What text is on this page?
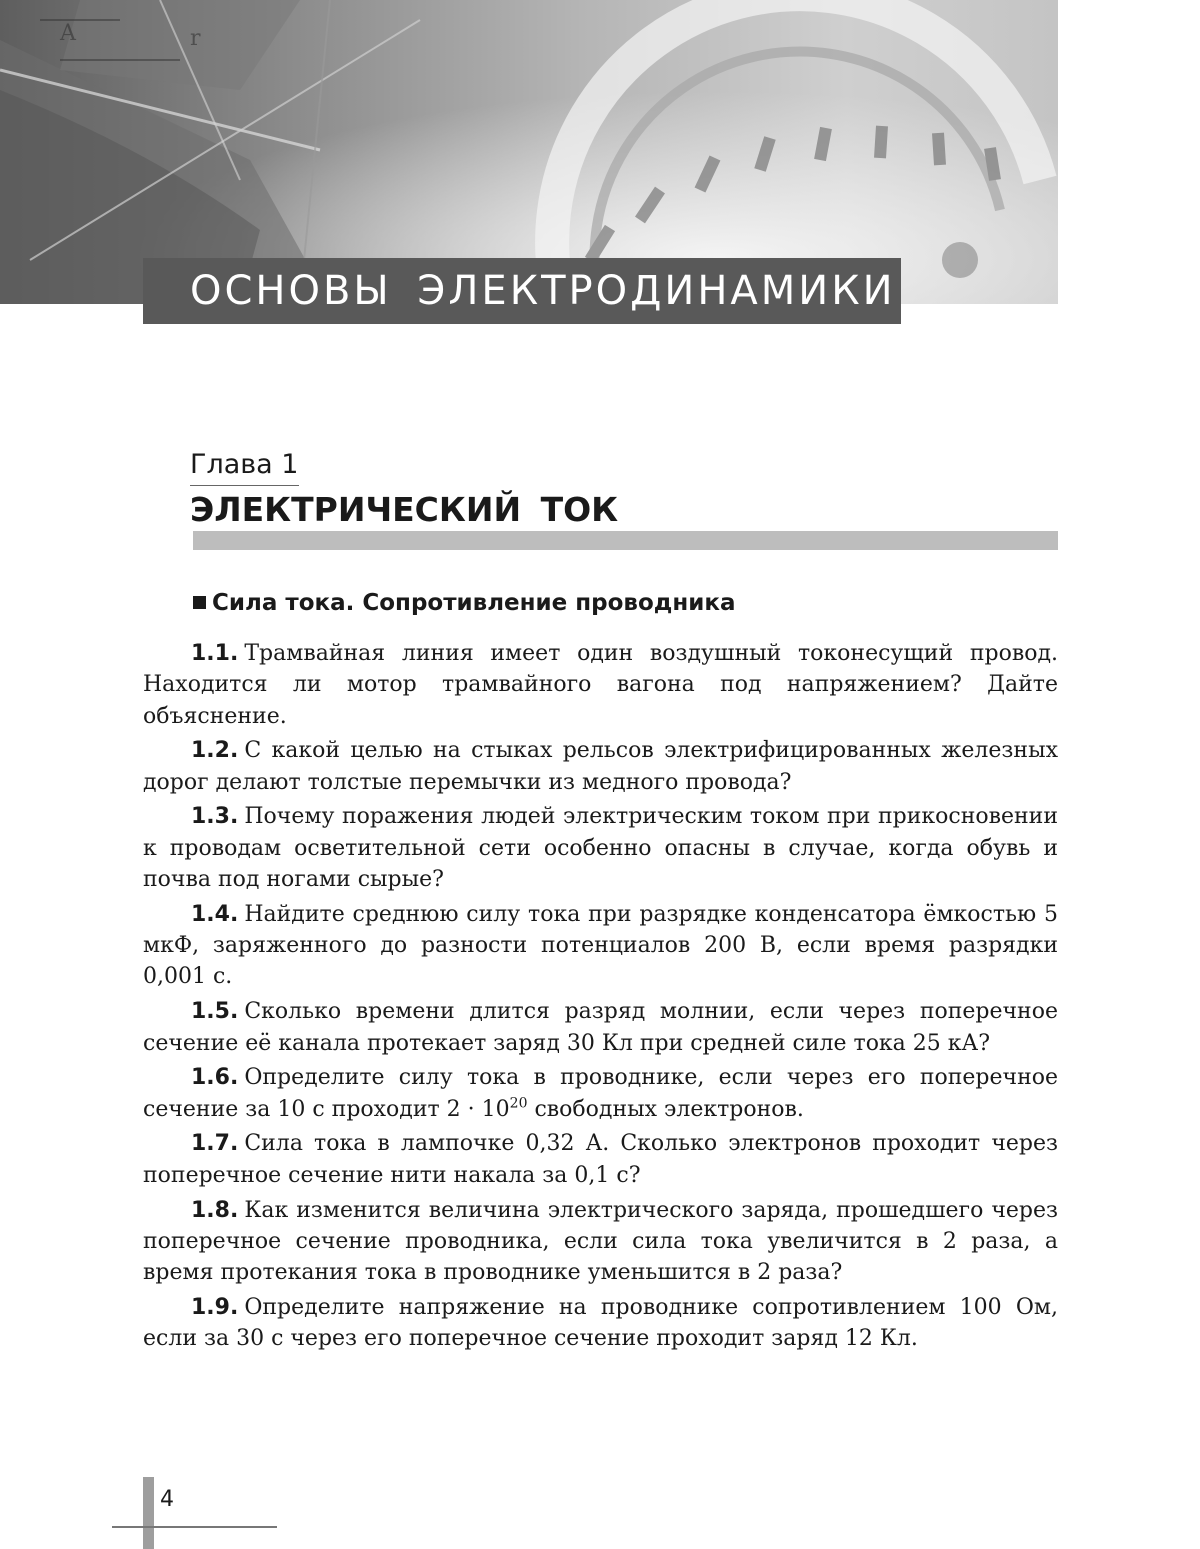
A	r
ОСНОВЫ ЭЛЕКТРОДИНАМИКИ
Глава 1
ЭЛЕКТРИЧЕСКИЙ ТОК
Сила тока. Сопротивление проводника

1.1. Трамвайная линия имеет один воздушный токонесущий провод. Находится ли мотор трамвайного вагона под напряжением? Дайте объяснение.

1.2. С какой целью на стыках рельсов электрифицированных железных дорог делают толстые перемычки из медного провода?

1.3. Почему поражения людей электрическим током при прикосновении к проводам осветительной сети особенно опасны в случае, когда обувь и почва под ногами сырые?

1.4. Найдите среднюю силу тока при разрядке конденсатора ёмкостью 5 мкФ, заряженного до разности потенциалов 200 В, если время разрядки 0,001 с.

1.5. Сколько времени длится разряд молнии, если через поперечное сечение её канала протекает заряд 30 Кл при средней силе тока 25 кА?

1.6. Определите силу тока в проводнике, если через его поперечное сечение за 10 с проходит $2 \cdot 10^{20}$ свободных электронов.

1.7. Сила тока в лампочке 0,32 А. Сколько электронов проходит через поперечное сечение нити накала за 0,1 с?

1.8. Как изменится величина электрического заряда, прошедшего через поперечное сечение проводника, если сила тока увеличится в 2 раза, а время протекания тока в проводнике уменьшится в 2 раза?

1.9. Определите напряжение на проводнике сопротивлением 100 Ом, если за 30 с через его поперечное сечение проходит заряд 12 Кл.

4
